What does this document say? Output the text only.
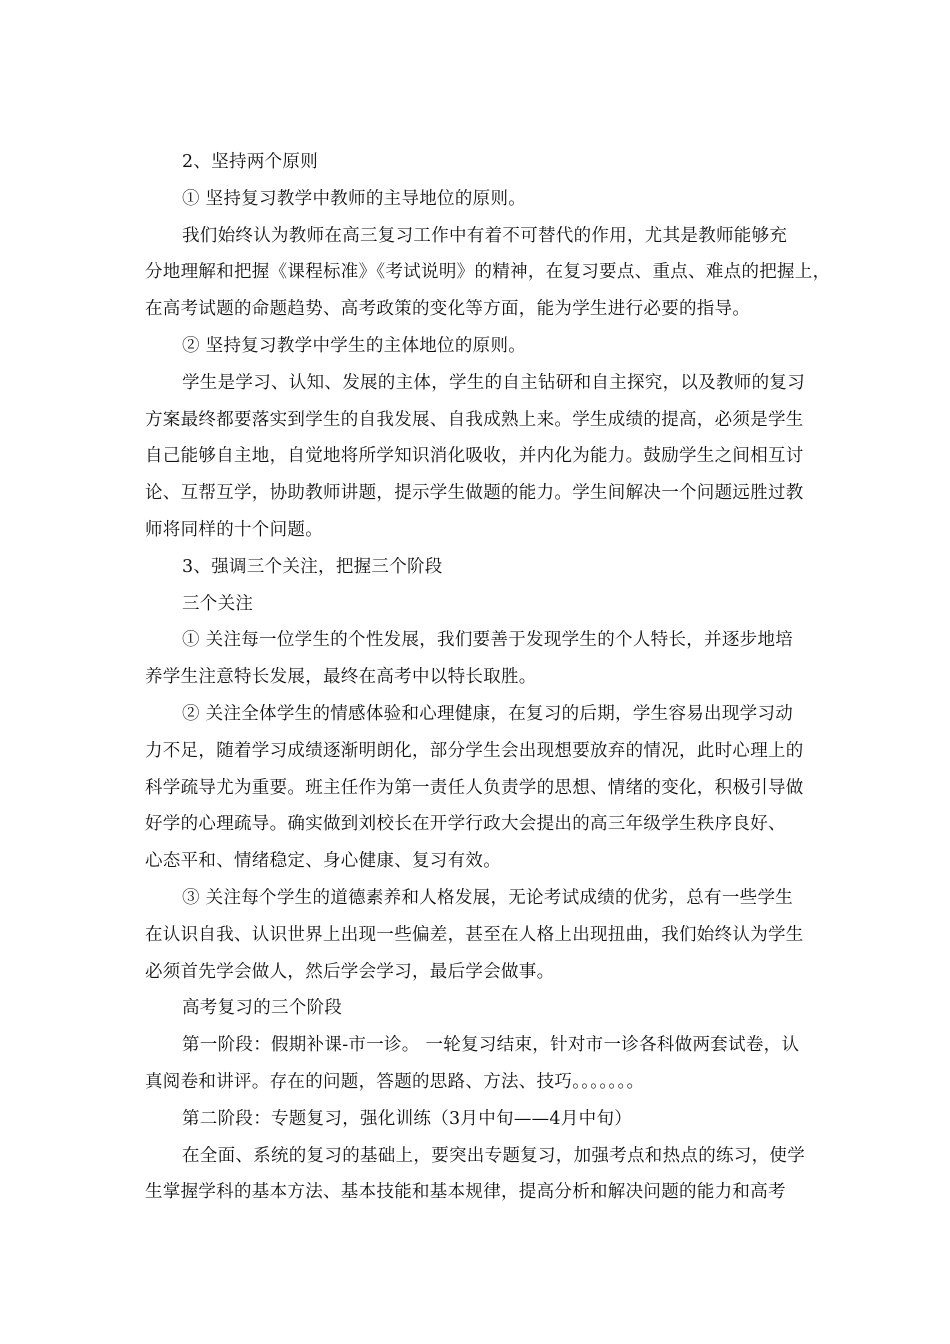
2、坚持两个原则

① 坚持复习教学中教师的主导地位的原则。

我们始终认为教师在高三复习工作中有着不可替代的作用，尤其是教师能够充

分地理解和把握《课程标准》《考试说明》的精神，在复习要点、重点、难点的把握上，

在高考试题的命题趋势、高考政策的变化等方面，能为学生进行必要的指导。

② 坚持复习教学中学生的主体地位的原则。

学生是学习、认知、发展的主体，学生的自主钻研和自主探究，以及教师的复习

方案最终都要落实到学生的自我发展、自我成熟上来。学生成绩的提高，必须是学生

自己能够自主地，自觉地将所学知识消化吸收，并内化为能力。鼓励学生之间相互讨

论、互帮互学，协助教师讲题，提示学生做题的能力。学生间解决一个问题远胜过教

师将同样的十个问题。

3、强调三个关注，把握三个阶段

三个关注

① 关注每一位学生的个性发展，我们要善于发现学生的个人特长，并逐步地培

养学生注意特长发展，最终在高考中以特长取胜。

② 关注全体学生的情感体验和心理健康，在复习的后期，学生容易出现学习动

力不足，随着学习成绩逐渐明朗化，部分学生会出现想要放弃的情况，此时心理上的

科学疏导尤为重要。班主任作为第一责任人负责学的思想、情绪的变化，积极引导做

好学的心理疏导。确实做到刘校长在开学行政大会提出的高三年级学生秩序良好、

心态平和、情绪稳定、身心健康、复习有效。

③ 关注每个学生的道德素养和人格发展，无论考试成绩的优劣，总有一些学生

在认识自我、认识世界上出现一些偏差，甚至在人格上出现扭曲，我们始终认为学生

必须首先学会做人，然后学会学习，最后学会做事。

高考复习的三个阶段

第一阶段：假期补课-市一诊。 一轮复习结束，针对市一诊各科做两套试卷，认

真阅卷和讲评。存在的问题，答题的思路、方法、技巧。。。。。。。

第二阶段：专题复习，强化训练（3月中旬——4月中旬）

在全面、系统的复习的基础上，要突出专题复习，加强考点和热点的练习，使学

生掌握学科的基本方法、基本技能和基本规律，提高分析和解决问题的能力和高考
